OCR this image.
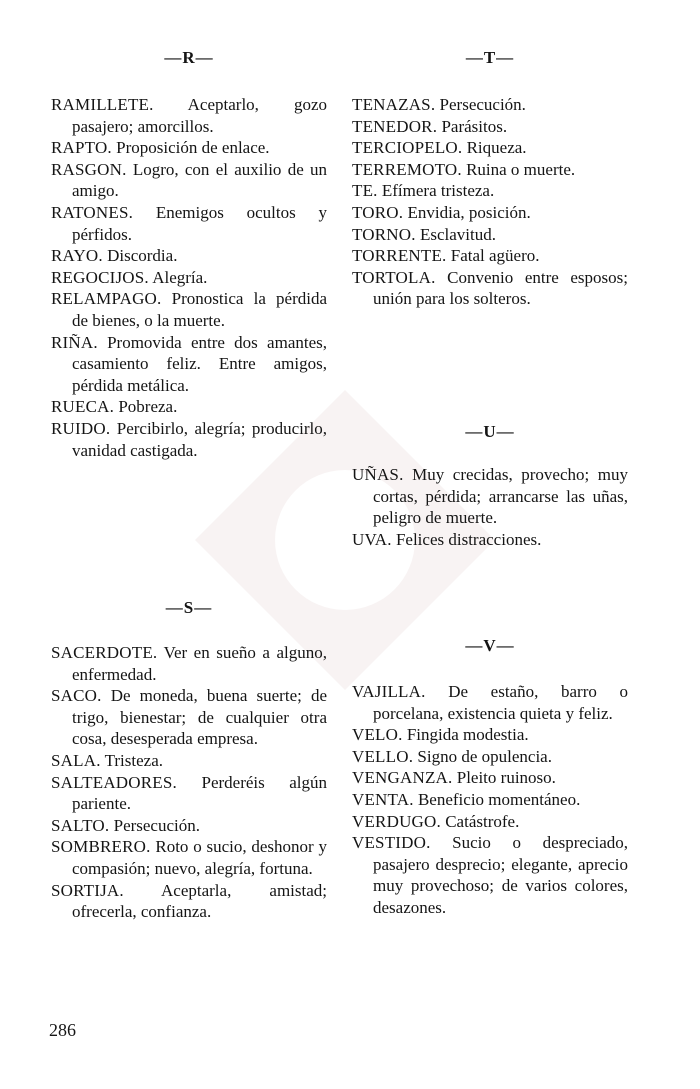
—R—
RAMILLETE. Aceptarlo, gozo pasajero; amorcillos.
RAPTO. Proposición de enlace.
RASGON. Logro, con el auxilio de un amigo.
RATONES. Enemigos ocultos y pérfidos.
RAYO. Discordia.
REGOCIJOS. Alegría.
RELAMPAGO. Pronostica la pérdida de bienes, o la muerte.
RIÑA. Promovida entre dos amantes, casamiento feliz. Entre amigos, pérdida metálica.
RUECA. Pobreza.
RUIDO. Percibirlo, alegría; producirlo, vanidad castigada.
—S—
SACERDOTE. Ver en sueño a alguno, enfermedad.
SACO. De moneda, buena suerte; de trigo, bienestar; de cualquier otra cosa, desesperada empresa.
SALA. Tristeza.
SALTEADORES. Perderéis algún pariente.
SALTO. Persecución.
SOMBRERO. Roto o sucio, deshonor y compasión; nuevo, alegría, fortuna.
SORTIJA. Aceptarla, amistad; ofrecerla, confianza.
—T—
TENAZAS. Persecución.
TENEDOR. Parásitos.
TERCIOPELO. Riqueza.
TERREMOTO. Ruina o muerte.
TE. Efímera tristeza.
TORO. Envidia, posición.
TORNO. Esclavitud.
TORRENTE. Fatal agüero.
TORTOLA. Convenio entre esposos; unión para los solteros.
—U—
UÑAS. Muy crecidas, provecho; muy cortas, pérdida; arrancarse las uñas, peligro de muerte.
UVA. Felices distracciones.
—V—
VAJILLA. De estaño, barro o porcelana, existencia quieta y feliz.
VELO. Fingida modestia.
VELLO. Signo de opulencia.
VENGANZA. Pleito ruinoso.
VENTA. Beneficio momentáneo.
VERDUGO. Catástrofe.
VESTIDO. Sucio o despreciado, pasajero desprecio; elegante, aprecio muy provechoso; de varios colores, desazones.
286
